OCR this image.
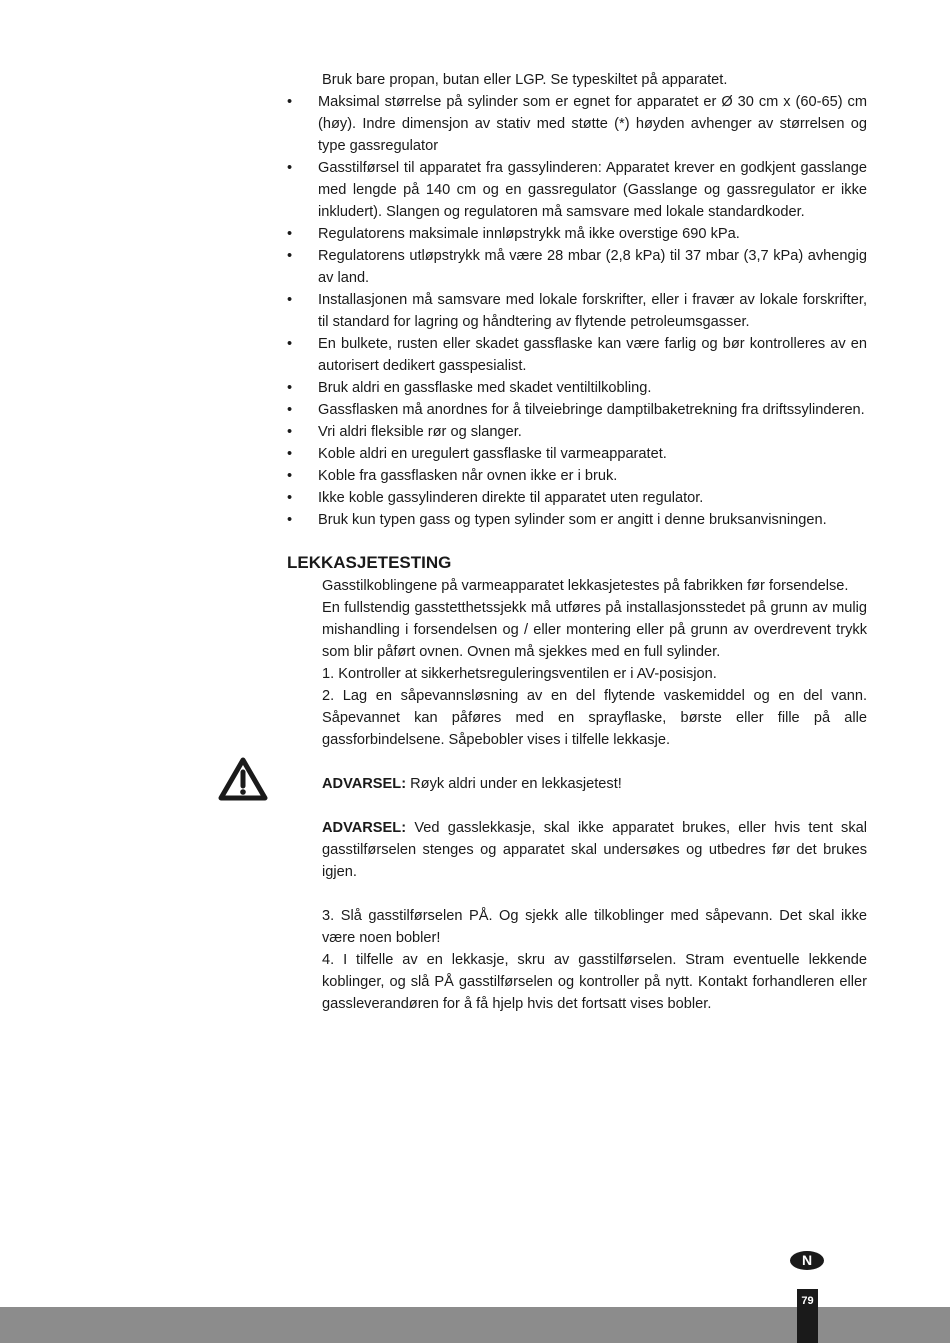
Bruk bare propan, butan eller LGP. Se typeskiltet på apparatet.

•	Maksimal størrelse på sylinder som er egnet for apparatet er Ø 30 cm x (60-65) cm (høy). Indre dimensjon av stativ med støtte (*) høyden avhenger av størrelsen og type gassregulator
•	Gasstilførsel til apparatet fra gassylinderen: Apparatet krever en godkjent gasslange med lengde på 140 cm og en gassregulator (Gasslange og gassregulator er ikke inkludert). Slangen og regulatoren må samsvare med lokale standardkoder.
•	Regulatorens maksimale innløpstrykk må ikke overstige 690 kPa.
•	Regulatorens utløpstrykk må være 28 mbar (2,8 kPa) til 37 mbar (3,7 kPa) avhengig av land.
•	Installasjonen må samsvare med lokale forskrifter, eller i fravær av lokale forskrifter, til standard for lagring og håndtering av flytende petroleumsgasser.
•	En bulkete, rusten eller skadet gassflaske kan være farlig og bør kontrolleres av en autorisert dedikert gasspesialist.
•	Bruk aldri en gassflaske med skadet ventiltilkobling.
•	Gassflasken må anordnes for å tilveiebringe damptilbaketrekning fra driftssylinderen.
•	Vri aldri fleksible rør og slanger.
•	Koble aldri en uregulert gassflaske til varmeapparatet.
•	Koble fra gassflasken når ovnen ikke er i bruk.
•	Ikke koble gassylinderen direkte til apparatet uten regulator.
•	Bruk kun typen gass og typen sylinder som er angitt i denne bruksanvisningen.
LEKKASJETESTING

Gasstilkoblingene på varmeapparatet lekkasjetestes på fabrikken før forsendelse.

En fullstendig gasstetthetssjekk må utføres på installasjonsstedet på grunn av mulig mishandling i forsendelsen og / eller montering eller på grunn av overdrevent trykk som blir påført ovnen. Ovnen må sjekkes med en full sylinder.

1. Kontroller at sikkerhetsreguleringsventilen er i AV-posisjon.

2. Lag en såpevannsløsning av en del flytende vaskemiddel og en del vann. Såpevannet kan påføres med en sprayflaske, børste eller fille på alle gassforbindelsene. Såpebobler vises i tilfelle lekkasje.

ADVARSEL: Røyk aldri under en lekkasjetest!

ADVARSEL: Ved gasslekkasje, skal ikke apparatet brukes, eller hvis tent skal gasstilførselen stenges og apparatet skal undersøkes og utbedres før det brukes igjen.

3. Slå gasstilførselen PÅ. Og sjekk alle tilkoblinger med såpevann. Det skal ikke være noen bobler!

4. I tilfelle av en lekkasje, skru av gasstilførselen. Stram eventuelle lekkende koblinger, og slå PÅ gasstilførselen og kontroller på nytt. Kontakt forhandleren eller gassleverandøren for å få hjelp hvis det fortsatt vises bobler.

N
79
